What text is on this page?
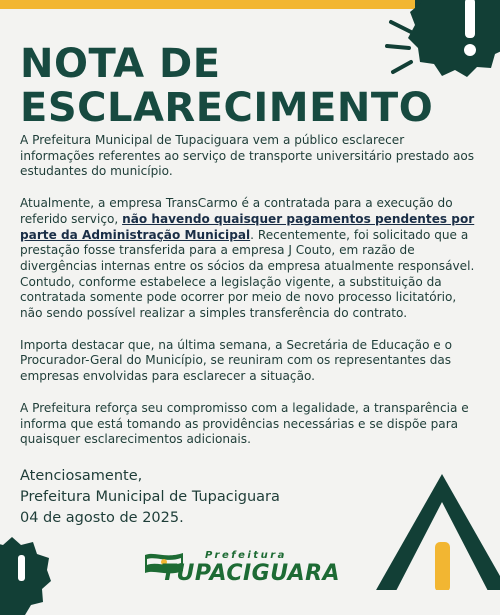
NOTA DE
ESCLARECIMENTO

A Prefeitura Municipal de Tupaciguara vem a público esclarecer informações referentes ao serviço de transporte universitário prestado aos estudantes do município.

Atualmente, a empresa TransCarmo é a contratada para a execução do referido serviço, não havendo quaisquer pagamentos pendentes por parte da Administração Municipal. Recentemente, foi solicitado que a prestação fosse transferida para a empresa J Couto, em razão de divergências internas entre os sócios da empresa atualmente responsável. Contudo, conforme estabelece a legislação vigente, a substituição da contratada somente pode ocorrer por meio de novo processo licitatório, não sendo possível realizar a simples transferência do contrato.

Importa destacar que, na última semana, a Secretária de Educação e o Procurador-Geral do Município, se reuniram com os representantes das empresas envolvidas para esclarecer a situação.

A Prefeitura reforça seu compromisso com a legalidade, a transparência e informa que está tomando as providências necessárias e se dispõe para quaisquer esclarecimentos adicionais.

Atenciosamente,
Prefeitura Municipal de Tupaciguara
04 de agosto de 2025.
Prefeitura
TUPACIGUARA
